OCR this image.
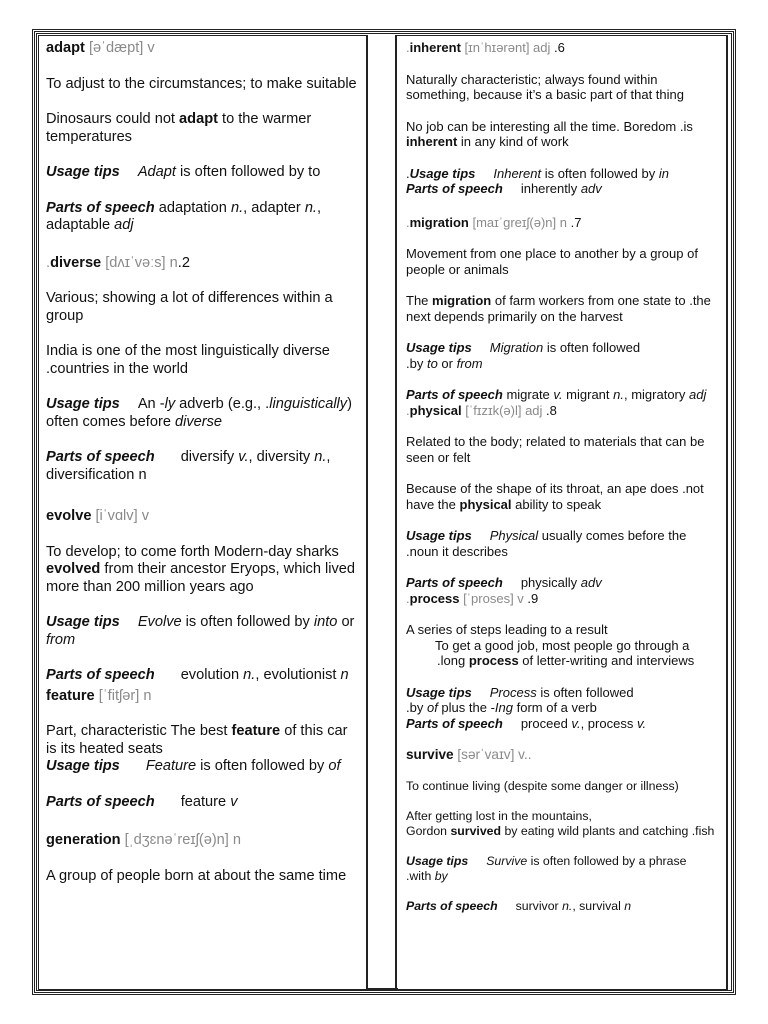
adapt [əˈdæpt] v

To adjust to the circumstances; to make suitable

Dinosaurs could not adapt to the warmer temperatures

Usage tips Adapt is often followed by to

Parts of speech adaptation n., adapter n., adaptable adj

.diverse [dʌɪˈvəːs] n.2

Various; showing a lot of differences within a group

India is one of the most linguistically diverse .countries in the world

Usage tips An -ly adverb (e.g., .linguistically) often comes before diverse

Parts of speech diversify v., diversity n., diversification n

evolve [iˈvɑlv] v

To develop; to come forth Modern-day sharks evolved from their ancestor Eryops, which lived more than 200 million years ago

Usage tips Evolve is often followed by into or from

Parts of speech evolution n., evolutionist n

feature [ˈfitʃər] n

Part, characteristic The best feature of this car is its heated seats

Usage tips Feature is often followed by of

Parts of speech feature v

generation [ˌdʒɛnəˈreɪʃ(ə)n] n

A group of people born at about the same time

.inherent [ɪnˈhɪərənt] adj .6

Naturally characteristic; always found within something, because it’s a basic part of that thing

No job can be interesting all the time. Boredom .is inherent in any kind of work

.Usage tips Inherent is often followed by in

Parts of speech inherently adv

.migration [maɪˈgreɪʃ(ə)n] n .7

Movement from one place to another by a group of people or animals

The migration of farm workers from one state to .the next depends primarily on the harvest

Usage tips Migration is often followed
.by to or from

Parts of speech migrate v. migrant n., migratory adj

.physical [ˈfɪzɪk(ə)l] adj .8

Related to the body; related to materials that can be seen or felt

Because of the shape of its throat, an ape does .not have the physical ability to speak

Usage tips Physical usually comes before the .noun it describes

Parts of speech physically adv

.process [ˈproses] v .9

A series of steps leading to a result

To get a good job, most people go through a

.long process of letter-writing and interviews

Usage tips Process is often followed
.by of plus the -Ing form of a verb

Parts of speech proceed v., process v.

survive [sərˈvaɪv] v..

To continue living (despite some danger or illness)

After getting lost in the mountains,
Gordon survived by eating wild plants and catching .fish

Usage tips Survive is often followed by a phrase
.with by

Parts of speech survivor n., survival n
